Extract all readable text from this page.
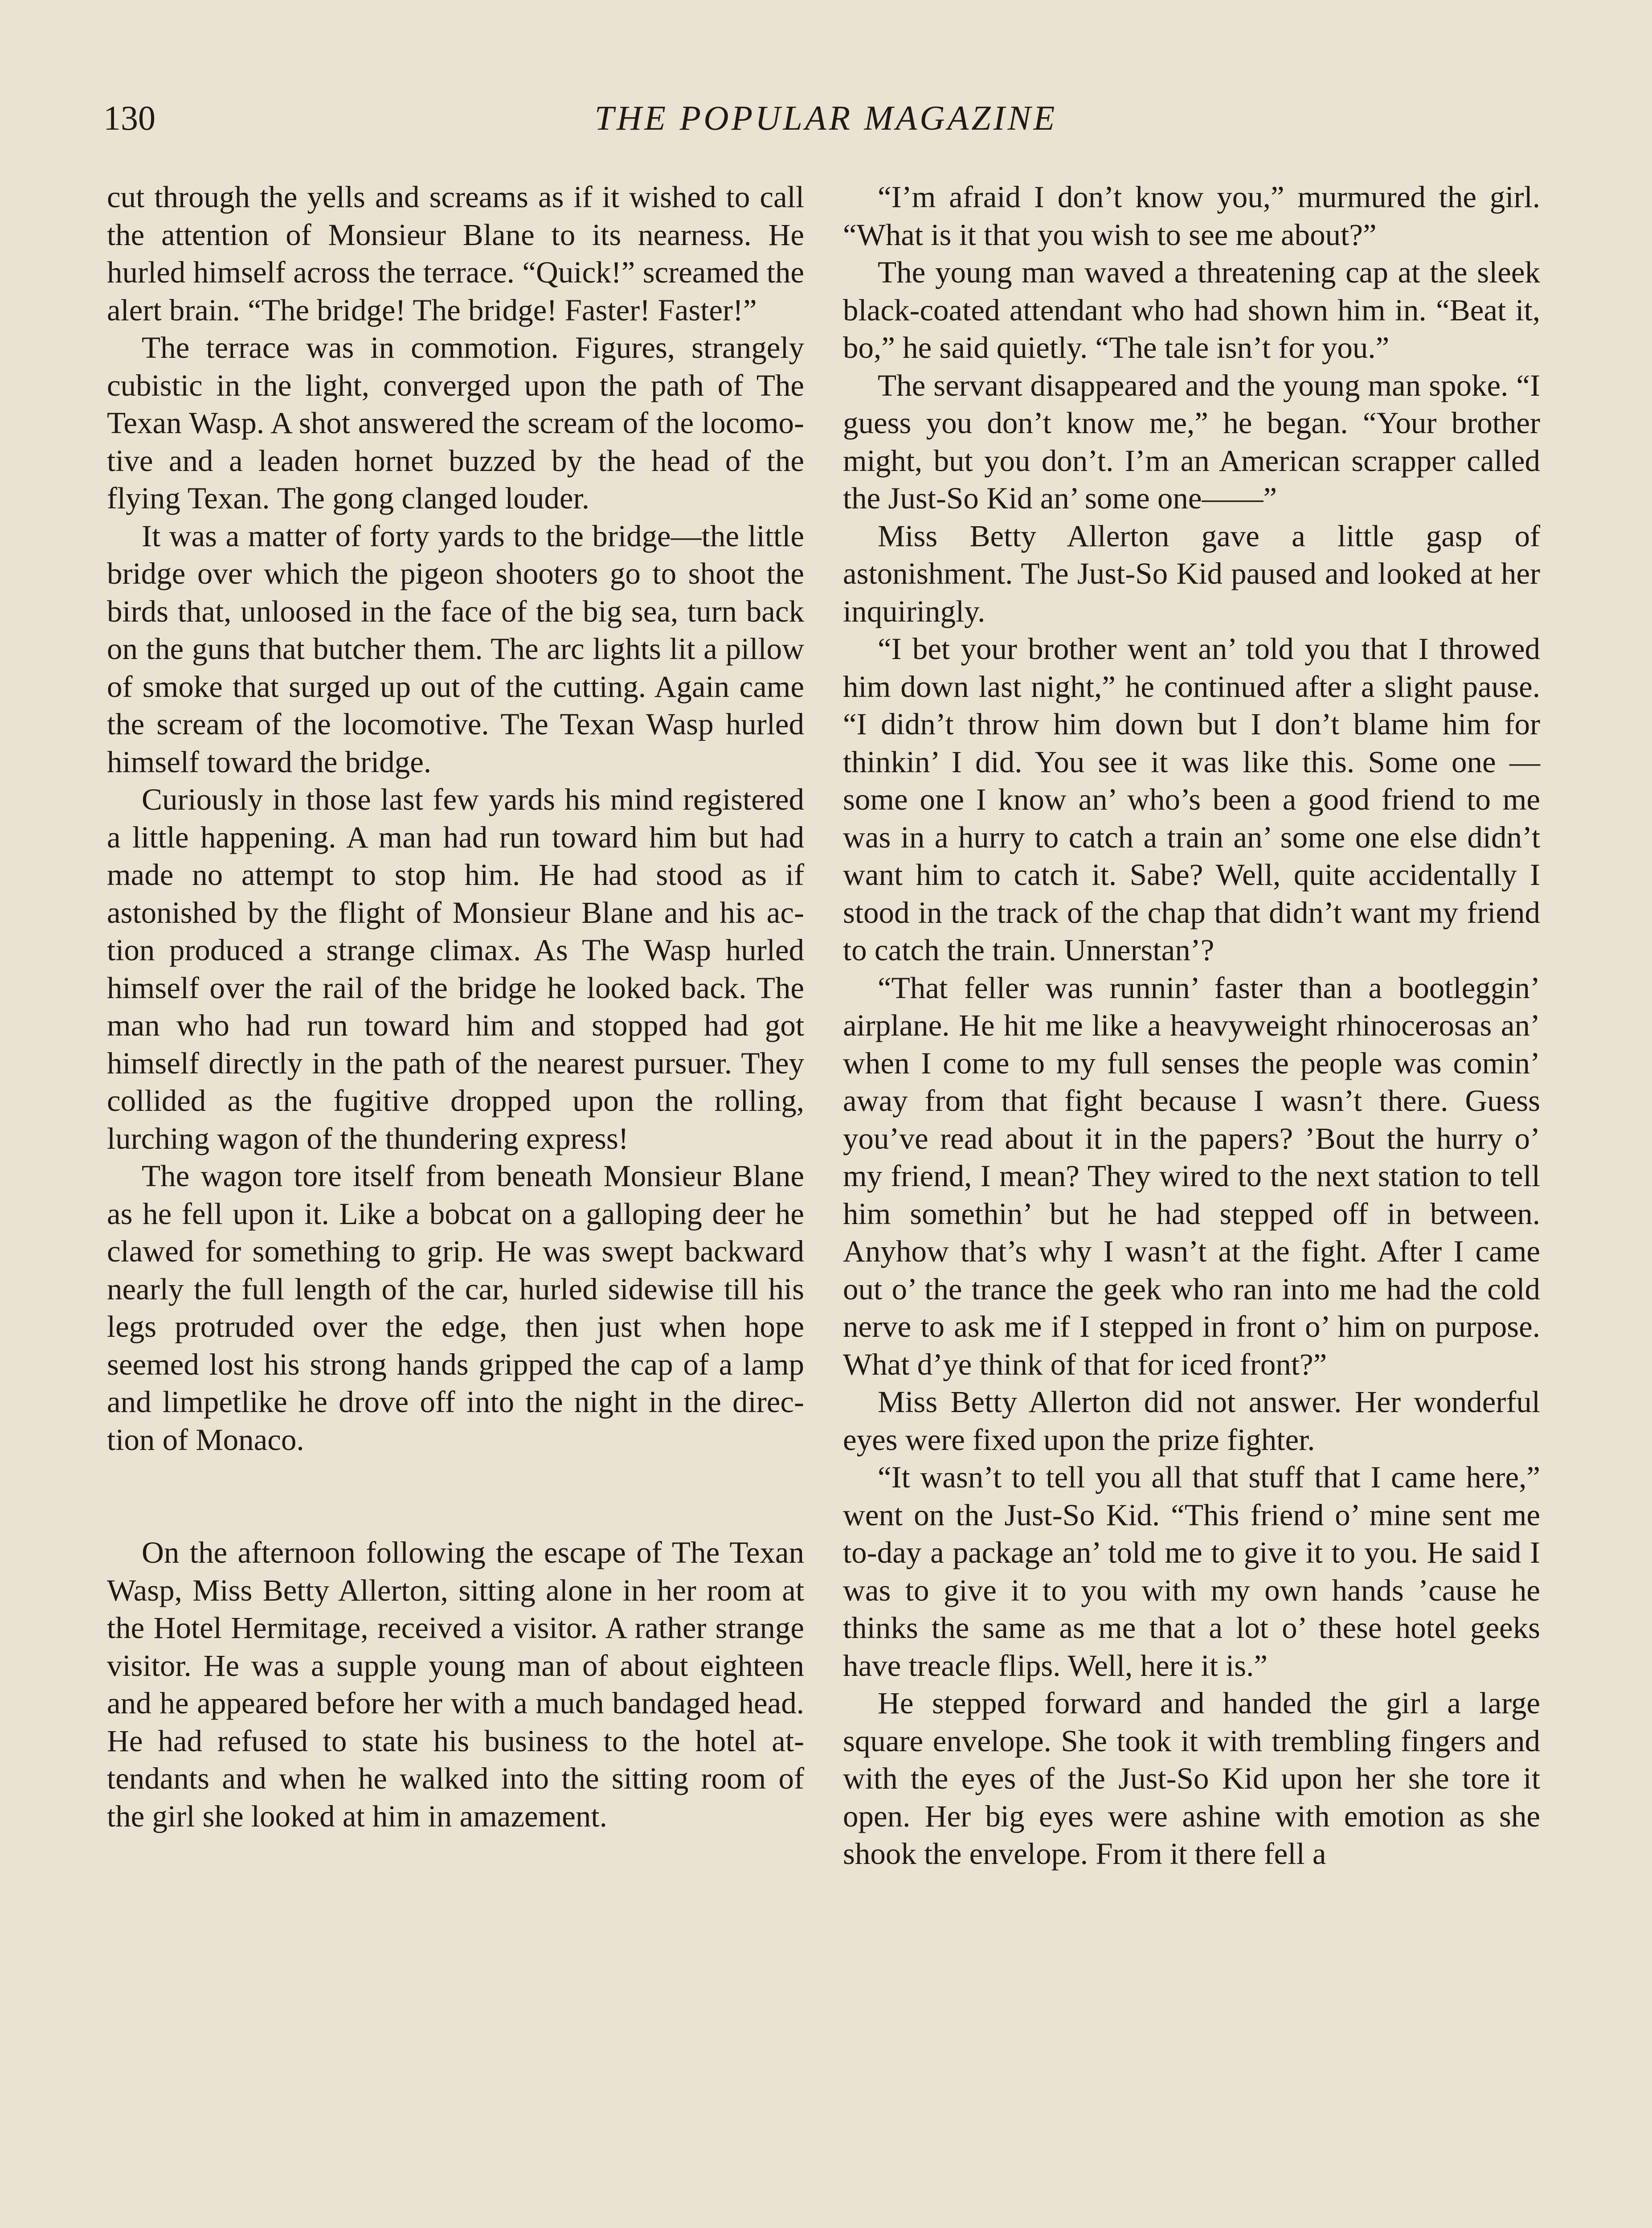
130	THE POPULAR MAGAZINE

cut through the yells and screams as if it wished to call the attention of Monsieur Blane to its nearness. He hurled himself across the terrace. “Quick!” screamed the alert brain. “The bridge! The bridge! Faster! Faster!”

The terrace was in commotion. Figures, strangely cubistic in the light, converged upon the path of The Texan Wasp. A shot answered the scream of the locomotive and a leaden hornet buzzed by the head of the flying Texan. The gong clanged louder.

It was a matter of forty yards to the bridge—the little bridge over which the pigeon shooters go to shoot the birds that, unloosed in the face of the big sea, turn back on the guns that butcher them. The arc lights lit a pillow of smoke that surged up out of the cutting. Again came the scream of the locomotive. The Texan Wasp hurled himself toward the bridge.

Curiously in those last few yards his mind registered a little happening. A man had run toward him but had made no attempt to stop him. He had stood as if astonished by the flight of Monsieur Blane and his action produced a strange climax. As The Wasp hurled himself over the rail of the bridge he looked back. The man who had run toward him and stopped had got himself directly in the path of the nearest pursuer. They collided as the fugitive dropped upon the rolling, lurching wagon of the thundering express!

The wagon tore itself from beneath Monsieur Blane as he fell upon it. Like a bobcat on a galloping deer he clawed for something to grip. He was swept backward nearly the full length of the car, hurled sidewise till his legs protruded over the edge, then just when hope seemed lost his strong hands gripped the cap of a lamp and limpetlike he drove off into the night in the direction of Monaco.

On the afternoon following the escape of The Texan Wasp, Miss Betty Allerton, sitting alone in her room at the Hotel Hermitage, received a visitor. A rather strange visitor. He was a supple young man of about eighteen and he appeared before her with a much bandaged head. He had refused to state his business to the hotel attendants and when he walked into the sitting room of the girl she looked at him in amazement.

“I’m afraid I don’t know you,” murmured the girl. “What is it that you wish to see me about?”

The young man waved a threatening cap at the sleek black-coated attendant who had shown him in. “Beat it, bo,” he said quietly. “The tale isn’t for you.”

The servant disappeared and the young man spoke. “I guess you don’t know me,” he began. “Your brother might, but you don’t. I’m an American scrapper called the Just-So Kid an’ some one——”

Miss Betty Allerton gave a little gasp of astonishment. The Just-So Kid paused and looked at her inquiringly.

“I bet your brother went an’ told you that I throwed him down last night,” he continued after a slight pause. “I didn’t throw him down but I don’t blame him for thinkin’ I did. You see it was like this. Some one —some one I know an’ who’s been a good friend to me was in a hurry to catch a train an’ some one else didn’t want him to catch it. Sabe? Well, quite accidentally I stood in the track of the chap that didn’t want my friend to catch the train. Unnerstan’?

“That feller was runnin’ faster than a bootleggin’ airplane. He hit me like a heavyweight rhinocerosas an’ when I come to my full senses the people was comin’ away from that fight because I wasn’t there. Guess you’ve read about it in the papers? ’Bout the hurry o’ my friend, I mean? They wired to the next station to tell him somethin’ but he had stepped off in between. Anyhow that’s why I wasn’t at the fight. After I came out o’ the trance the geek who ran into me had the cold nerve to ask me if I stepped in front o’ him on purpose. What d’ye think of that for iced front?”

Miss Betty Allerton did not answer. Her wonderful eyes were fixed upon the prize fighter.

“It wasn’t to tell you all that stuff that I came here,” went on the Just-So Kid. “This friend o’ mine sent me to-day a package an’ told me to give it to you. He said I was to give it to you with my own hands ’cause he thinks the same as me that a lot o’ these hotel geeks have treacle flips. Well, here it is.”

He stepped forward and handed the girl a large square envelope. She took it with trembling fingers and with the eyes of the Just-So Kid upon her she tore it open. Her big eyes were ashine with emotion as she shook the envelope. From it there fell a
